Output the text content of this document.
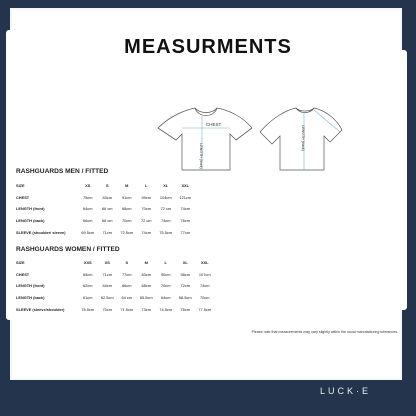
MEASURMENTS
CHEST
LENGTH (front)
LENGTH (back)
RASHGUARDS MEN / FITTED
SIZE	XS	S	M	L	XL	XXL
CHEST	75cm	83cm	91cm	99cm	104cm	121cm
LENGTH (front)	64cm	66 cm	68cm	70cm	72 cm	74cm
LENGTH (back)	66cm	68 cm	70cm	72 cm	74cm	76cm
SLEEVE (shoulder/ sleeve)	69.5cm	71cm	72.5cm	74cm	75.5cm	77cm
RASHGUARDS WOMEN / FITTED
SIZE	XXS	XS	S	M	L	XL	XXL
CHEST	65cm	71cm	77cm	83cm	90cm	98cm	107cm
LENGTH (front)	62cm	64cm	66cm	68cm	70cm	72cm	74cm
LENGTH (back)	61cm	62.5cm	64 cm	65.5cm	64cm	68.5cm	70cm
SLEEVE (sleeve/shoulder)	78.5cm	70cm	71.5cm	73cm	74.5cm	76cm	77.5cm
Please note that measurements may vary slightly within the usual manufacturing tolerances.
LUCK·E
